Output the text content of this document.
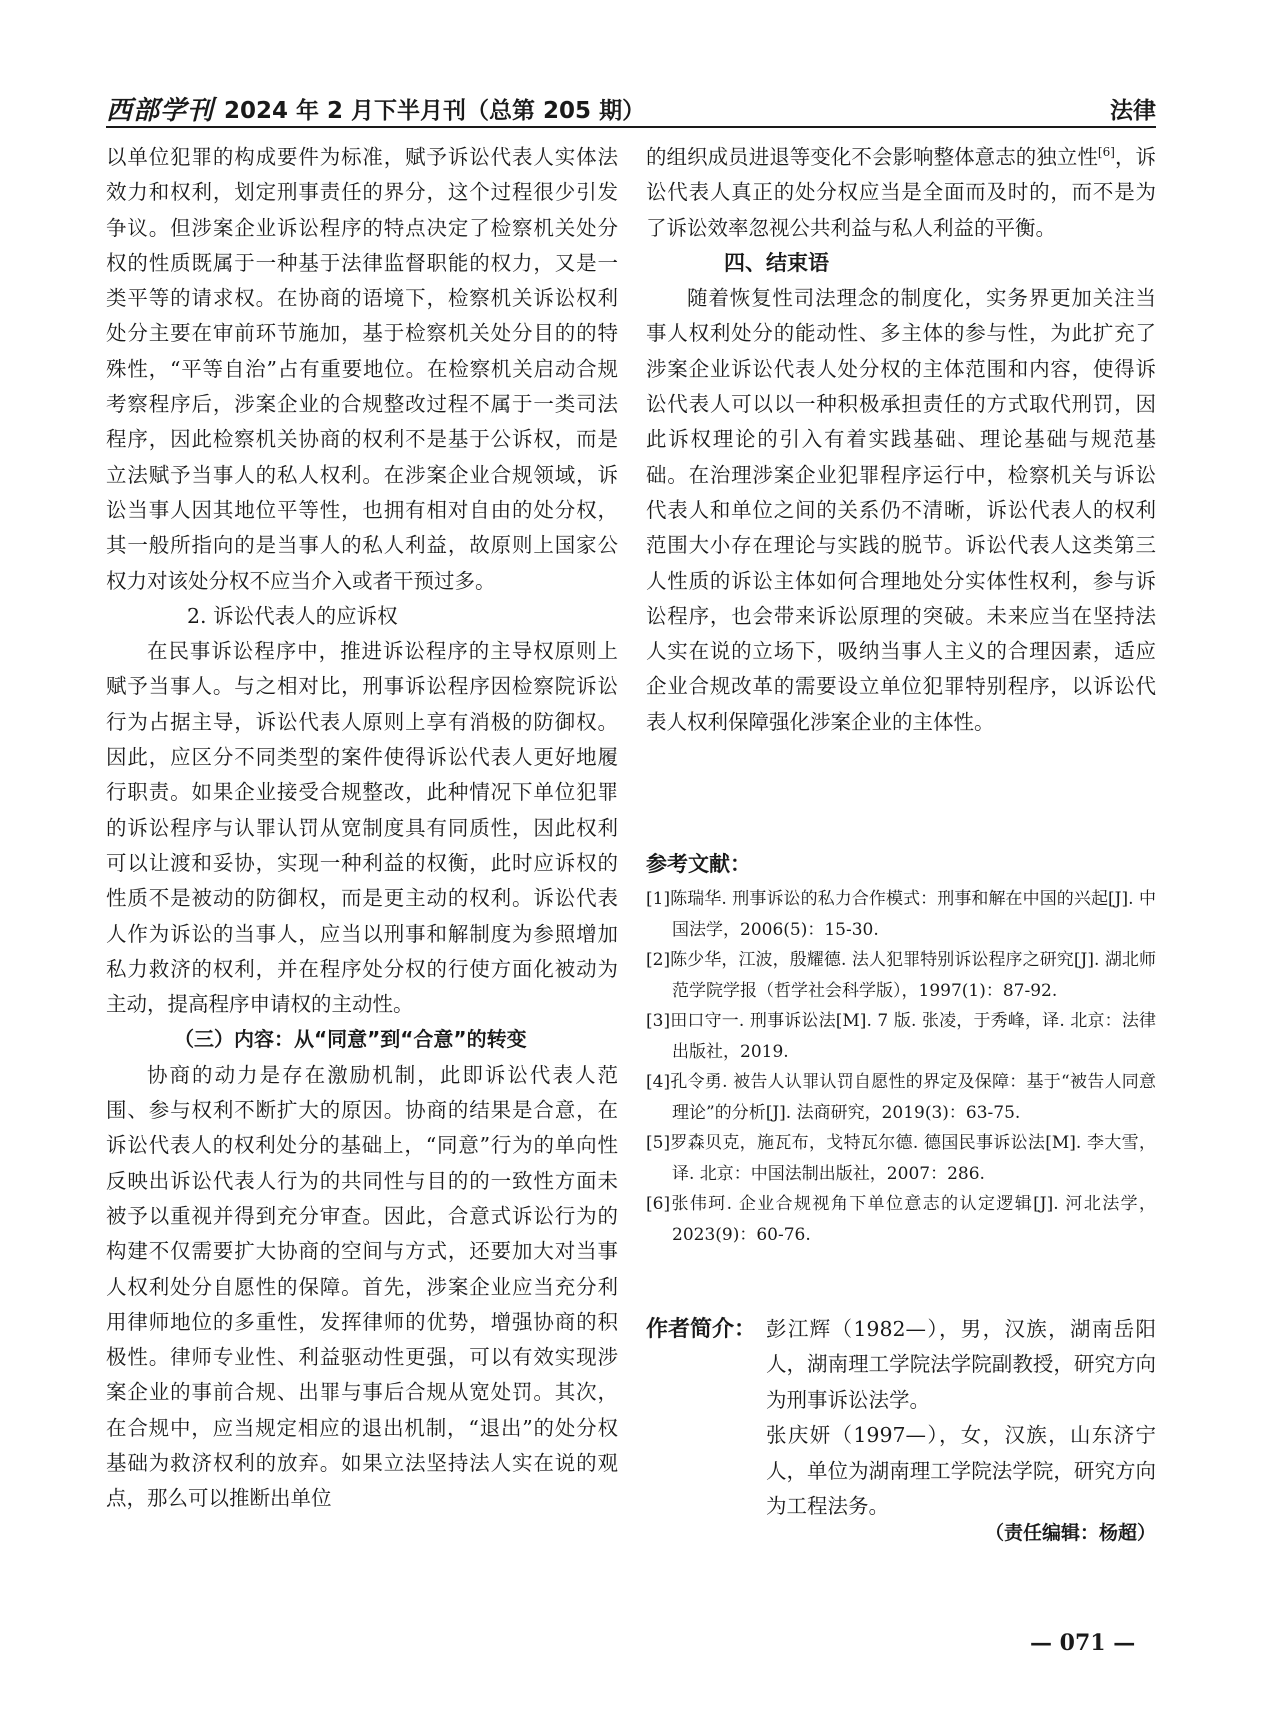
西部学刊 2024 年 2 月下半月刊（总第 205 期）	法律

以单位犯罪的构成要件为标准，赋予诉讼代表人实体法效力和权利，划定刑事责任的界分，这个过程很少引发争议。但涉案企业诉讼程序的特点决定了检察机关处分权的性质既属于一种基于法律监督职能的权力，又是一类平等的请求权。在协商的语境下，检察机关诉讼权利处分主要在审前环节施加，基于检察机关处分目的的特殊性，“平等自治”占有重要地位。在检察机关启动合规考察程序后，涉案企业的合规整改过程不属于一类司法程序，因此检察机关协商的权利不是基于公诉权，而是立法赋予当事人的私人权利。在涉案企业合规领域，诉讼当事人因其地位平等性，也拥有相对自由的处分权，其一般所指向的是当事人的私人利益，故原则上国家公权力对该处分权不应当介入或者干预过多。

2. 诉讼代表人的应诉权

在民事诉讼程序中，推进诉讼程序的主导权原则上赋予当事人。与之相对比，刑事诉讼程序因检察院诉讼行为占据主导，诉讼代表人原则上享有消极的防御权。因此，应区分不同类型的案件使得诉讼代表人更好地履行职责。如果企业接受合规整改，此种情况下单位犯罪的诉讼程序与认罪认罚从宽制度具有同质性，因此权利可以让渡和妥协，实现一种利益的权衡，此时应诉权的性质不是被动的防御权，而是更主动的权利。诉讼代表人作为诉讼的当事人，应当以刑事和解制度为参照增加私力救济的权利，并在程序处分权的行使方面化被动为主动，提高程序申请权的主动性。

（三）内容：从“同意”到“合意”的转变

协商的动力是存在激励机制，此即诉讼代表人范围、参与权利不断扩大的原因。协商的结果是合意，在诉讼代表人的权利处分的基础上，“同意”行为的单向性反映出诉讼代表人行为的共同性与目的的一致性方面未被予以重视并得到充分审查。因此，合意式诉讼行为的构建不仅需要扩大协商的空间与方式，还要加大对当事人权利处分自愿性的保障。首先，涉案企业应当充分利用律师地位的多重性，发挥律师的优势，增强协商的积极性。律师专业性、利益驱动性更强，可以有效实现涉案企业的事前合规、出罪与事后合规从宽处罚。其次，在合规中，应当规定相应的退出机制，“退出”的处分权基础为救济权利的放弃。如果立法坚持法人实在说的观点，那么可以推断出单位

的组织成员进退等变化不会影响整体意志的独立性[6]，诉讼代表人真正的处分权应当是全面而及时的，而不是为了诉讼效率忽视公共利益与私人利益的平衡。

四、结束语

随着恢复性司法理念的制度化，实务界更加关注当事人权利处分的能动性、多主体的参与性，为此扩充了涉案企业诉讼代表人处分权的主体范围和内容，使得诉讼代表人可以以一种积极承担责任的方式取代刑罚，因此诉权理论的引入有着实践基础、理论基础与规范基础。在治理涉案企业犯罪程序运行中，检察机关与诉讼代表人和单位之间的关系仍不清晰，诉讼代表人的权利范围大小存在理论与实践的脱节。诉讼代表人这类第三人性质的诉讼主体如何合理地处分实体性权利，参与诉讼程序，也会带来诉讼原理的突破。未来应当在坚持法人实在说的立场下，吸纳当事人主义的合理因素，适应企业合规改革的需要设立单位犯罪特别程序，以诉讼代表人权利保障强化涉案企业的主体性。

参考文献：
[1]陈瑞华. 刑事诉讼的私力合作模式：刑事和解在中国的兴起[J]. 中国法学，2006(5)：15-30.
[2]陈少华，江波，殷耀德. 法人犯罪特别诉讼程序之研究[J]. 湖北师范学院学报（哲学社会科学版），1997(1)：87-92.
[3]田口守一. 刑事诉讼法[M]. 7 版. 张凌，于秀峰，译. 北京：法律出版社，2019.
[4]孔令勇. 被告人认罪认罚自愿性的界定及保障：基于“被告人同意理论”的分析[J]. 法商研究，2019(3)：63-75.
[5]罗森贝克，施瓦布，戈特瓦尔德. 德国民事诉讼法[M]. 李大雪，译. 北京：中国法制出版社，2007：286.
[6]张伟珂. 企业合规视角下单位意志的认定逻辑[J]. 河北法学，2023(9)：60-76.
作者简介： 彭江辉（1982—），男，汉族，湖南岳阳人，湖南理工学院法学院副教授，研究方向为刑事诉讼法学。

张庆妍（1997—），女，汉族，山东济宁人，单位为湖南理工学院法学院，研究方向为工程法务。

（责任编辑：杨超）
— 071 —
